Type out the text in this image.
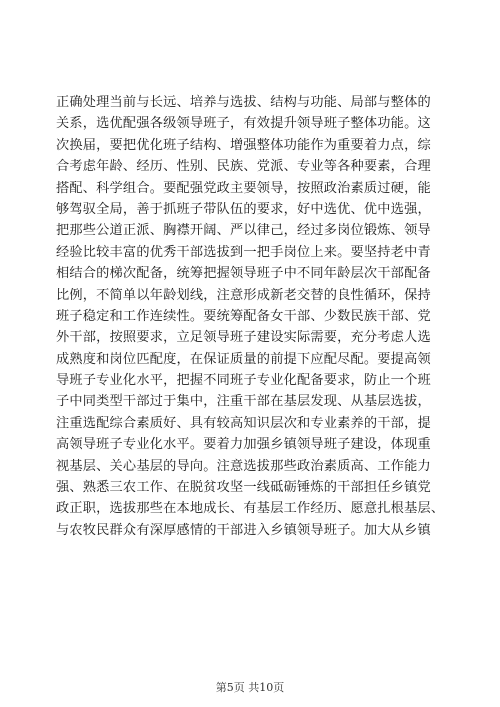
正确处理当前与长远、培养与选拔、结构与功能、局部与整体的
关系，选优配强各级领导班子，有效提升领导班子整体功能。这
次换届，要把优化班子结构、增强整体功能作为重要着力点，综
合考虑年龄、经历、性别、民族、党派、专业等各种要素，合理
搭配、科学组合。要配强党政主要领导，按照政治素质过硬，能
够驾驭全局，善于抓班子带队伍的要求，好中选优、优中选强，
把那些公道正派、胸襟开阔、严以律己，经过多岗位锻炼、领导
经验比较丰富的优秀干部选拔到一把手岗位上来。要坚持老中青
相结合的梯次配备，统筹把握领导班子中不同年龄层次干部配备
比例，不简单以年龄划线，注意形成新老交替的良性循环，保持
班子稳定和工作连续性。要统筹配备女干部、少数民族干部、党
外干部，按照要求，立足领导班子建设实际需要，充分考虑人选
成熟度和岗位匹配度，在保证质量的前提下应配尽配。要提高领
导班子专业化水平，把握不同班子专业化配备要求，防止一个班
子中同类型干部过于集中，注重干部在基层发现、从基层选拔，
注重选配综合素质好、具有较高知识层次和专业素养的干部，提
高领导班子专业化水平。要着力加强乡镇领导班子建设，体现重
视基层、关心基层的导向。注意选拔那些政治素质高、工作能力
强、熟悉三农工作、在脱贫攻坚一线砥砺锤炼的干部担任乡镇党
政正职，选拔那些在本地成长、有基层工作经历、愿意扎根基层、
与农牧民群众有深厚感情的干部进入乡镇领导班子。加大从乡镇
第5页 共10页
